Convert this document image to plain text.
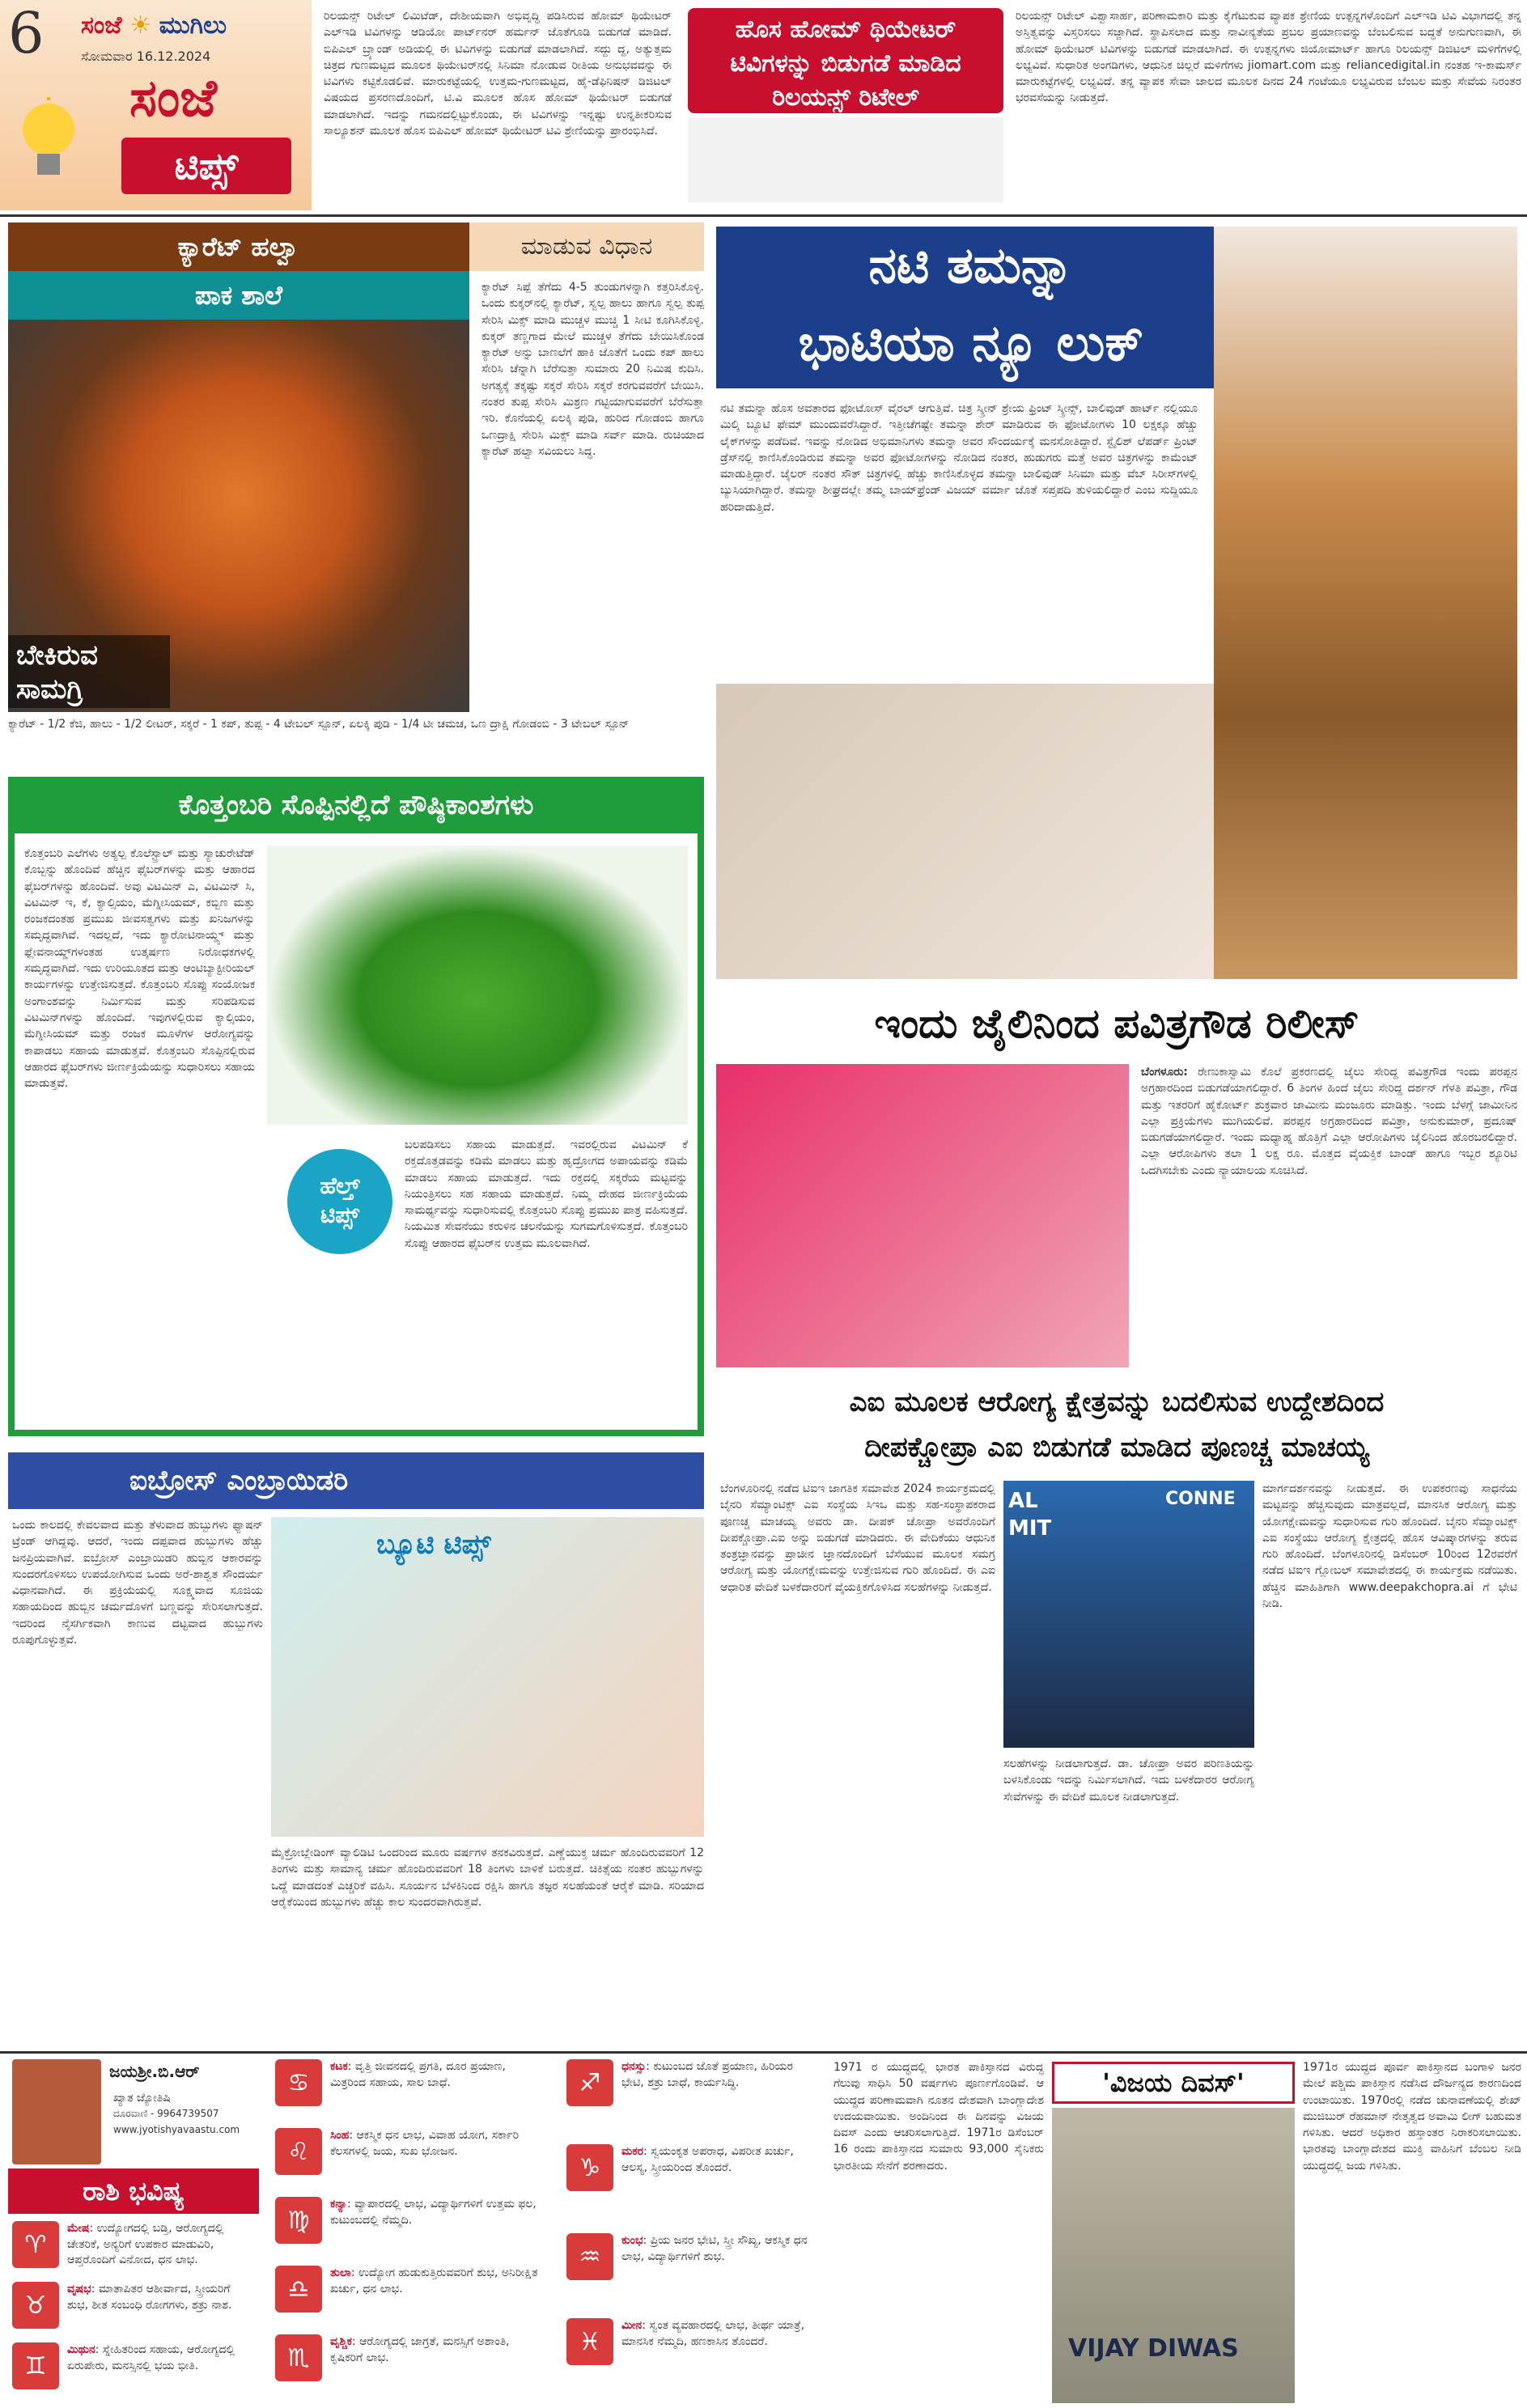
6 ಸಂಜೆ ☀ ಮುಗಿಲು
ಸೋಮವಾರ 16.12.2024
ಸಂಜೆ
ಟಿಪ್ಸ್
ರಿಲಯನ್ಸ್ ರಿಟೇಲ್ ಲಿಮಿಟೆಡ್, ದೇಶೀಯವಾಗಿ ಅಭಿವೃದ್ಧಿ ಪಡಿಸಿರುವ ಹೋಮ್ ಥಿಯೇಟರ್ ಎಲ್‌ಇಡಿ ಟಿವಿಗಳನ್ನು ಆಡಿಯೋ ಪಾರ್ಟ್‌ನರ್ ಹರ್ಮನ್ ಜೊತೆಗೂಡಿ ಬಿಡುಗಡೆ ಮಾಡಿದೆ. ಬಿಪಿಎಲ್ ಬ್ರ್ಯಾಂಡ್ ಅಡಿಯಲ್ಲಿ ಈ ಟಿವಿಗಳನ್ನು ಬಿಡುಗಡೆ ಮಾಡಲಾಗಿದೆ. ಸದ್ದು ದ್ದ, ಅತ್ಯುತ್ತಮ ಚಿತ್ರದ ಗುಣಮಟ್ಟದ ಮೂಲಕ ಥಿಯೇಟರ್‌ನಲ್ಲಿ ಸಿನಿಮಾ ನೋಡುವ ರೀತಿಯ ಅನುಭವವನ್ನು ಈ ಟಿವಿಗಳು ಕಟ್ಟಿಕೊಡಲಿವೆ. ಮಾರುಕಟ್ಟೆಯಲ್ಲಿ ಉತ್ತಮ-ಗುಣಮಟ್ಟದ, ಹೈ-ಡೆಫಿನಿಷನ್ ಡಿಜಿಟಲ್ ವಿಷಯದ ಪ್ರಸರಣದೊಂದಿಗೆ, ಟಿ.ವಿ ಮೂಲಕ ಹೊಸ ಹೋಮ್ ಥಿಯೇಟರ್ ಬಿಡುಗಡೆ ಮಾಡಲಾಗಿದೆ. ಇದನ್ನು ಗಮನದಲ್ಲಿಟ್ಟುಕೊಂಡು, ಈ ಟಿವಿಗಳನ್ನು ಇನ್ನಷ್ಟು ಉನ್ನತೀಕರಿಸುವ ಸಾಲ್ಯೂಶನ್ ಮೂಲಕ ಹೊಸ ಬಿಪಿಎಲ್ ಹೋಮ್ ಥಿಯೇಟರ್ ಟಿವಿ ಶ್ರೇಣಿಯನ್ನು ಪ್ರಾರಂಭಿಸಿದೆ.
ಹೊಸ ಹೋಮ್ ಥಿಯೇಟರ್ ಟಿವಿಗಳನ್ನು ಬಿಡುಗಡೆ ಮಾಡಿದ ರಿಲಯನ್ಸ್ ರಿಟೇಲ್
ರಿಲಯನ್ಸ್ ರಿಟೇಲ್ ವಿಶ್ವಾಸಾರ್ಹ, ಪರಿಣಾಮಕಾರಿ ಮತ್ತು ಕೈಗೆಟುಕುವ ವ್ಯಾಪಕ ಶ್ರೇಣಿಯ ಉತ್ಪನ್ನಗಳೊಂದಿಗೆ ಎಲ್‌ಇಡಿ ಟಿವಿ ವಿಭಾಗದಲ್ಲಿ ತನ್ನ ಅಸ್ತಿತ್ವವನ್ನು ವಿಸ್ತರಿಸಲು ಸಜ್ಜಾಗಿದೆ. ಸ್ಥಾಪಿಸಲಾದ ಮತ್ತು ನಾವೀನ್ಯತೆಯ ಪ್ರಬಲ ಪ್ರಯಾಣವನ್ನು ಬೆಂಬಲಿಸುವ ಬದ್ಧತೆ ಅನುಗುಣವಾಗಿ, ಈ ಹೋಮ್ ಥಿಯೇಟರ್ ಟಿವಿಗಳನ್ನು ಬಿಡುಗಡೆ ಮಾಡಲಾಗಿದೆ. ಈ ಉತ್ಪನ್ನಗಳು ಜಿಯೋಮಾರ್ಟ್ ಹಾಗೂ ರಿಲಯನ್ಸ್ ಡಿಜಿಟಲ್ ಮಳಿಗೆಗಳಲ್ಲಿ ಲಭ್ಯವಿವೆ. ಸುಧಾರಿತ ಅಂಗಡಿಗಳು, ಆಧುನಿಕ ಚಿಲ್ಲರೆ ಮಳಿಗೆಗಳು jiomart.com ಮತ್ತು reliancedigital.in ನಂತಹ ಇ-ಕಾಮರ್ಸ್ ಮಾರುಕಟ್ಟೆಗಳಲ್ಲಿ ಲಭ್ಯವಿದೆ. ತನ್ನ ವ್ಯಾಪಕ ಸೇವಾ ಜಾಲದ ಮೂಲಕ ದಿನದ 24 ಗಂಟೆಯೂ ಲಭ್ಯವಿರುವ ಬೆಂಬಲ ಮತ್ತು ಸೇವೆಯ ನಿರಂತರ ಭರವಸೆಯನ್ನು ನೀಡುತ್ತದೆ.
ಕ್ಯಾರೆಟ್ ಹಲ್ವಾ	ಮಾಡುವ ವಿಧಾನ
ಪಾಕ ಶಾಲೆ
ಬೇಕಿರುವ
ಸಾಮಗ್ರಿ
ಕ್ಯಾರೆಟ್ ಸಿಪ್ಪೆ ತೆಗೆದು 4-5 ತುಂಡುಗಳನ್ನಾಗಿ ಕತ್ತರಿಸಿಕೊಳ್ಳಿ. ಒಂದು ಕುಕ್ಕರ್‌ನಲ್ಲಿ ಕ್ಯಾರೆಟ್, ಸ್ವಲ್ಪ ಹಾಲು ಹಾಗೂ ಸ್ವಲ್ಪ ತುಪ್ಪ ಸೇರಿಸಿ ಮಿಕ್ಸ್ ಮಾಡಿ ಮುಚ್ಚಳ ಮುಚ್ಚಿ 1 ಸೀಟಿ ಕೂಗಿಸಿಕೊಳ್ಳಿ. ಕುಕ್ಕರ್ ತಣ್ಣಗಾದ ಮೇಲೆ ಮುಚ್ಚಳ ತೆಗೆದು ಬೇಯಿಸಿಕೊಂಡ ಕ್ಯಾರೆಟ್ ಅನ್ನು ಬಾಣಲೆಗೆ ಹಾಕಿ ಜೊತೆಗೆ ಒಂದು ಕಪ್ ಹಾಲು ಸೇರಿಸಿ ಚೆನ್ನಾಗಿ ಬೆರೆಸುತ್ತಾ ಸುಮಾರು 20 ನಿಮಿಷ ಕುದಿಸಿ. ಅಗತ್ಯಕ್ಕೆ ತಕ್ಕಷ್ಟು ಸಕ್ಕರೆ ಸೇರಿಸಿ ಸಕ್ಕರೆ ಕರಗುವವರೆಗೆ ಬೇಯಿಸಿ. ನಂತರ ತುಪ್ಪ ಸೇರಿಸಿ ಮಿಶ್ರಣ ಗಟ್ಟಿಯಾಗುವವರೆಗೆ ಬೆರೆಸುತ್ತಾ ಇರಿ. ಕೊನೆಯಲ್ಲಿ ಏಲಕ್ಕಿ ಪುಡಿ, ಹುರಿದ ಗೋಡಂಬಿ ಹಾಗೂ ಒಣದ್ರಾಕ್ಷಿ ಸೇರಿಸಿ ಮಿಕ್ಸ್ ಮಾಡಿ ಸರ್ವ್ ಮಾಡಿ. ರುಚಿಯಾದ ಕ್ಯಾರೆಟ್ ಹಲ್ವಾ ಸವಿಯಲು ಸಿದ್ಧ.
ಕ್ಯಾರೆಟ್ - 1/2 ಕೆಜಿ, ಹಾಲು - 1/2 ಲೀಟರ್, ಸಕ್ಕರೆ - 1 ಕಪ್, ತುಪ್ಪ - 4 ಟೇಬಲ್ ಸ್ಪೂನ್, ಏಲಕ್ಕಿ ಪುಡಿ - 1/4 ಟೀ ಚಮಚ, ಒಣ ದ್ರಾಕ್ಷಿ ಗೋಡಂಬಿ - 3 ಟೇಬಲ್ ಸ್ಪೂನ್
ಕೊತ್ತಂಬರಿ ಸೊಪ್ಪಿನಲ್ಲಿದೆ ಪೌಷ್ಠಿಕಾಂಶಗಳು
ಕೊತ್ತಂಬರಿ ಎಲೆಗಳು ಅತ್ಯಲ್ಪ ಕೊಲೆಸ್ಟ್ರಾಲ್ ಮತ್ತು ಸ್ಯಾಚುರೇಟೆಡ್ ಕೊಬ್ಬನ್ನು ಹೊಂದಿವೆ ಹೆಚ್ಚಿನ ಫೈಬರ್‌ಗಳನ್ನು ಮತ್ತು ಆಹಾರದ ಫೈಬರ್‌ಗಳನ್ನು ಹೊಂದಿವೆ. ಅವು ವಿಟಮಿನ್ ಎ, ವಿಟಮಿನ್ ಸಿ, ವಿಟಮಿನ್ ಇ, ಕೆ, ಕ್ಯಾಲ್ಸಿಯಂ, ಮೆಗ್ನೀಸಿಯಮ್, ಕಬ್ಬಿಣ ಮತ್ತು ರಂಜಕದಂತಹ ಪ್ರಮುಖ ಜೀವಸತ್ವಗಳು ಮತ್ತು ಖನಿಜಗಳನ್ನು ಸಮೃದ್ಧವಾಗಿವೆ. ಇದಲ್ಲದೆ, ಇದು ಕ್ಯಾರೋಟಿನಾಯ್ಡ್ಸ್ ಮತ್ತು ಫ್ಲೇವನಾಯ್ಡ್‌ಗಳಂತಹ ಉತ್ಕರ್ಷಣ ನಿರೋಧಕಗಳಲ್ಲಿ ಸಮೃದ್ಧವಾಗಿದೆ. ಇದು ಉರಿಯೂತದ ಮತ್ತು ಆಂಟಿಬ್ಯಾಕ್ಟೀರಿಯಲ್ ಕಾರ್ಯಗಳನ್ನು ಉತ್ತೇಜಿಸುತ್ತದೆ. ಕೊತ್ತಂಬರಿ ಸೊಪ್ಪು ಸಂಯೋಜಕ ಅಂಗಾಂಶವನ್ನು ನಿರ್ಮಿಸುವ ಮತ್ತು ಸರಿಪಡಿಸುವ ವಿಟಮಿನ್‌ಗಳನ್ನು ಹೊಂದಿದೆ. ಇವುಗಳಲ್ಲಿರುವ ಕ್ಯಾಲ್ಸಿಯಂ, ಮೆಗ್ನೀಸಿಯಮ್ ಮತ್ತು ರಂಜಕ ಮೂಳೆಗಳ ಆರೋಗ್ಯವನ್ನು ಕಾಪಾಡಲು ಸಹಾಯ ಮಾಡುತ್ತವೆ. ಕೊತ್ತಂಬರಿ ಸೊಪ್ಪಿನಲ್ಲಿರುವ ಆಹಾರದ ಫೈಬರ್‌ಗಳು ಜೀರ್ಣಕ್ರಿಯೆಯನ್ನು ಸುಧಾರಿಸಲು ಸಹಾಯ ಮಾಡುತ್ತವೆ.
ಹೆಲ್ತ್
ಟಿಪ್ಸ್
ಬಲಪಡಿಸಲು ಸಹಾಯ ಮಾಡುತ್ತದೆ. ಇವರಲ್ಲಿರುವ ವಿಟಮಿನ್ ಕೆ ರಕ್ತದೊತ್ತಡವನ್ನು ಕಡಿಮೆ ಮಾಡಲು ಮತ್ತು ಹೃದ್ರೋಗದ ಅಪಾಯವನ್ನು ಕಡಿಮೆ ಮಾಡಲು ಸಹಾಯ ಮಾಡುತ್ತದೆ. ಇದು ರಕ್ತದಲ್ಲಿ ಸಕ್ಕರೆಯ ಮಟ್ಟವನ್ನು ನಿಯಂತ್ರಿಸಲು ಸಹ ಸಹಾಯ ಮಾಡುತ್ತದೆ. ನಿಮ್ಮ ದೇಹದ ಜೀರ್ಣಕ್ರಿಯೆಯ ಸಾಮರ್ಥ್ಯವನ್ನು ಸುಧಾರಿಸುವಲ್ಲಿ ಕೊತ್ತಂಬರಿ ಸೊಪ್ಪು ಪ್ರಮುಖ ಪಾತ್ರ ವಹಿಸುತ್ತದೆ. ನಿಯಮಿತ ಸೇವನೆಯು ಕರುಳಿನ ಚಲನೆಯನ್ನು ಸುಗಮಗೊಳಿಸುತ್ತದೆ. ಕೊತ್ತಂಬರಿ ಸೊಪ್ಪು ಆಹಾರದ ಫೈಬರ್‌ನ ಉತ್ತಮ ಮೂಲವಾಗಿದೆ.
ಐಬ್ರೋಸ್ ಎಂಬ್ರಾಯಿಡರಿ
ಒಂದು ಕಾಲದಲ್ಲಿ ಕೇವಲವಾದ ಮತ್ತು ತೆಳುವಾದ ಹುಬ್ಬುಗಳು ಫ್ಯಾಷನ್ ಟ್ರೆಂಡ್ ಆಗಿದ್ದವು. ಆದರೆ, ಇಂದು ದಪ್ಪವಾದ ಹುಬ್ಬುಗಳು ಹೆಚ್ಚು ಜನಪ್ರಿಯವಾಗಿವೆ. ಐಬ್ರೋಸ್ ಎಂಬ್ರಾಯಿಡರಿ ಹುಬ್ಬಿನ ಆಕಾರವನ್ನು ಸುಂದರಗೊಳಿಸಲು ಉಪಯೋಗಿಸುವ ಒಂದು ಅರೆ-ಶಾಶ್ವತ ಸೌಂದರ್ಯ ವಿಧಾನವಾಗಿದೆ. ಈ ಪ್ರಕ್ರಿಯೆಯಲ್ಲಿ ಸೂಕ್ಷ್ಮವಾದ ಸೂಜಿಯ ಸಹಾಯದಿಂದ ಹುಬ್ಬಿನ ಚರ್ಮದೊಳಗೆ ಬಣ್ಣವನ್ನು ಸೇರಿಸಲಾಗುತ್ತದೆ. ಇದರಿಂದ ನೈಸರ್ಗಿಕವಾಗಿ ಕಾಣುವ ದಟ್ಟವಾದ ಹುಬ್ಬುಗಳು ರೂಪುಗೊಳ್ಳುತ್ತವೆ.
ಬ್ಯೂಟಿ ಟಿಪ್ಸ್
ಮೈಕ್ರೋಬ್ಲೇಡಿಂಗ್ ವ್ಯಾಲಿಡಿಟಿ ಒಂದರಿಂದ ಮೂರು ವರ್ಷಗಳ ತನಕವಿರುತ್ತದೆ. ಎಣ್ಣೆಯುಕ್ತ ಚರ್ಮ ಹೊಂದಿರುವವರಿಗೆ 12 ತಿಂಗಳು ಮತ್ತು ಸಾಮಾನ್ಯ ಚರ್ಮ ಹೊಂದಿರುವವರಿಗೆ 18 ತಿಂಗಳು ಬಾಳಿಕೆ ಬರುತ್ತದೆ. ಚಿಕಿತ್ಸೆಯ ನಂತರ ಹುಬ್ಬುಗಳನ್ನು ಒದ್ದೆ ಮಾಡದಂತೆ ಎಚ್ಚರಿಕೆ ವಹಿಸಿ. ಸೂರ್ಯನ ಬೆಳಕಿನಿಂದ ರಕ್ಷಿಸಿ ಹಾಗೂ ತಜ್ಞರ ಸಲಹೆಯಂತೆ ಆರೈಕೆ ಮಾಡಿ. ಸರಿಯಾದ ಆರೈಕೆಯಿಂದ ಹುಬ್ಬುಗಳು ಹೆಚ್ಚು ಕಾಲ ಸುಂದರವಾಗಿರುತ್ತವೆ.
ನಟಿ ತಮನ್ನಾ
ಭಾಟಿಯಾ ನ್ಯೂ ಲುಕ್
ನಟಿ ತಮನ್ನಾ ಹೊಸ ಅವತಾರದ ಫೋಟೋಸ್ ವೈರಲ್ ಆಗುತ್ತಿವೆ. ಚಿತ್ರ ಸ್ಕ್ರೀನ್ ಶ್ರೇಯ ಫ್ರಿಂಟ್ ಸ್ಕ್ರೀನ್ಸ್, ಬಾಲಿವುಡ್ ಹಾರ್ಟ್ ನಲ್ಲಿಯೂ ಮಿಲ್ಕಿ ಬ್ಯೂಟಿ ಫೇಮ್ ಮುಂದುವರೆಸಿದ್ದಾರೆ. ಇತ್ತೀಚೆಗಷ್ಟೇ ತಮನ್ನಾ ಶೇರ್ ಮಾಡಿರುವ ಈ ಫೋಟೋಗಳು 10 ಲಕ್ಷಕ್ಕೂ ಹೆಚ್ಚು ಲೈಕ್‌ಗಳನ್ನು ಪಡೆದಿವೆ. ಇವನ್ನು ನೋಡಿದ ಅಭಿಮಾನಿಗಳು ತಮನ್ನಾ ಅವರ ಸೌಂದರ್ಯಕ್ಕೆ ಮನಸೋತಿದ್ದಾರೆ. ಸ್ಟೈಲಿಶ್ ಲೆಪರ್ಡ್ ಪ್ರಿಂಟ್ ಡ್ರೆಸ್‌ನಲ್ಲಿ ಕಾಣಿಸಿಕೊಂಡಿರುವ ತಮನ್ನಾ ಅವರ ಫೋಟೋಗಳನ್ನು ನೋಡಿದ ನಂತರ, ಹುಡುಗರು ಮತ್ತೆ ಅವರ ಚಿತ್ರಗಳನ್ನು ಕಾಮೆಂಟ್ ಮಾಡುತ್ತಿದ್ದಾರೆ. ಜೈಲರ್ ನಂತರ ಸೌತ್ ಚಿತ್ರಗಳಲ್ಲಿ ಹೆಚ್ಚು ಕಾಣಿಸಿಕೊಳ್ಳದ ತಮನ್ನಾ ಬಾಲಿವುಡ್ ಸಿನಿಮಾ ಮತ್ತು ವೆಬ್ ಸಿರೀಸ್‌ಗಳಲ್ಲಿ ಬ್ಯುಸಿಯಾಗಿದ್ದಾರೆ. ತಮನ್ನಾ ಶೀಘ್ರದಲ್ಲೇ ತಮ್ಮ ಬಾಯ್‌ಫ್ರೆಂಡ್ ವಿಜಯ್ ವರ್ಮಾ ಜೊತೆ ಸಪ್ತಪದಿ ತುಳಿಯಲಿದ್ದಾರೆ ಎಂಬ ಸುದ್ದಿಯೂ ಹರಿದಾಡುತ್ತಿದೆ.
ಇಂದು ಜೈಲಿನಿಂದ ಪವಿತ್ರಗೌಡ ರಿಲೀಸ್
ಬೆಂಗಳೂರು: ರೇಣುಕಾಸ್ವಾಮಿ ಕೊಲೆ ಪ್ರಕರಣದಲ್ಲಿ ಜೈಲು ಸೇರಿದ್ದ ಪವಿತ್ರಗೌಡ ಇಂದು ಪರಪ್ಪನ ಅಗ್ರಹಾರದಿಂದ ಬಿಡುಗಡೆಯಾಗಲಿದ್ದಾರೆ. 6 ತಿಂಗಳ ಹಿಂದೆ ಜೈಲು ಸೇರಿದ್ದ ದರ್ಶನ್ ಗೆಳತಿ ಪವಿತ್ರಾ, ಗೌಡ ಮತ್ತು ಇತರರಿಗೆ ಹೈಕೋರ್ಟ್ ಶುಕ್ರವಾರ ಜಾಮೀನು ಮಂಜೂರು ಮಾಡಿತ್ತು. ಇಂದು ಬೆಳಗ್ಗೆ ಜಾಮೀನಿನ ಎಲ್ಲಾ ಪ್ರಕ್ರಿಯೆಗಳು ಮುಗಿಯಲಿವೆ. ಪರಪ್ಪನ ಅಗ್ರಹಾರದಿಂದ ಪವಿತ್ರಾ, ಅನುಕುಮಾರ್, ಪ್ರದೂಷ್ ಬಿಡುಗಡೆಯಾಗಲಿದ್ದಾರೆ. ಇಂದು ಮಧ್ಯಾಹ್ನ ಹೊತ್ತಿಗೆ ಎಲ್ಲಾ ಆರೋಪಿಗಳು ಜೈಲಿನಿಂದ ಹೊರಬರಲಿದ್ದಾರೆ. ಎಲ್ಲಾ ಆರೋಪಿಗಳು ತಲಾ 1 ಲಕ್ಷ ರೂ. ಮೊತ್ತದ ವೈಯಕ್ತಿಕ ಬಾಂಡ್ ಹಾಗೂ ಇಬ್ಬರ ಶ್ಯೂರಿಟಿ ಒದಗಿಸಬೇಕು ಎಂದು ನ್ಯಾಯಾಲಯ ಸೂಚಿಸಿದೆ.
ಎಐ ಮೂಲಕ ಆರೋಗ್ಯ ಕ್ಷೇತ್ರವನ್ನು ಬದಲಿಸುವ ಉದ್ದೇಶದಿಂದ
ದೀಪಕ್ಚೋಪ್ರಾ ಎಐ ಬಿಡುಗಡೆ ಮಾಡಿದ ಪೂಣಚ್ಚ ಮಾಚಯ್ಯ
ಬೆಂಗಳೂರಿನಲ್ಲಿ ನಡೆದ ಟಿಐಇ ಜಾಗತಿಕ ಸಮಾವೇಶ 2024 ಕಾರ್ಯಕ್ರಮದಲ್ಲಿ ಬೈನರಿ ಸೆಮ್ಯಾಂಟಿಕ್ಸ್ ಎಐ ಸಂಸ್ಥೆಯ ಸಿಇಒ ಮತ್ತು ಸಹ-ಸಂಸ್ಥಾಪಕರಾದ ಪೂಣಚ್ಚ ಮಾಚಯ್ಯ ಅವರು ಡಾ. ದೀಪಕ್ ಚೋಪ್ರಾ ಅವರೊಂದಿಗೆ ದೀಪಕ್ಚೋಪ್ರಾ.ಎಐ ಅನ್ನು ಬಿಡುಗಡೆ ಮಾಡಿದರು. ಈ ವೇದಿಕೆಯು ಆಧುನಿಕ ತಂತ್ರಜ್ಞಾನವನ್ನು ಪ್ರಾಚೀನ ಜ್ಞಾನದೊಂದಿಗೆ ಬೆಸೆಯುವ ಮೂಲಕ ಸಮಗ್ರ ಆರೋಗ್ಯ ಮತ್ತು ಯೋಗಕ್ಷೇಮವನ್ನು ಉತ್ತೇಜಿಸುವ ಗುರಿ ಹೊಂದಿದೆ. ಈ ಎಐ ಆಧಾರಿತ ವೇದಿಕೆ ಬಳಕೆದಾರರಿಗೆ ವೈಯಕ್ತಿಕಗೊಳಿಸಿದ ಸಲಹೆಗಳನ್ನು ನೀಡುತ್ತದೆ.
AL
MIT
CONNE
ಸಲಹೆಗಳನ್ನು ನೀಡಲಾಗುತ್ತದೆ. ಡಾ. ಚೋಪ್ರಾ ಅವರ ಪರಿಣತಿಯನ್ನು ಬಳಸಿಕೊಂಡು ಇದನ್ನು ನಿರ್ಮಿಸಲಾಗಿದೆ. ಇದು ಬಳಕೆದಾರರ ಆರೋಗ್ಯ ಸೇವೆಗಳನ್ನು ಈ ವೇದಿಕೆ ಮೂಲಕ ನೀಡಲಾಗುತ್ತದೆ.
ಮಾರ್ಗದರ್ಶನವನ್ನು ನೀಡುತ್ತದೆ. ಈ ಉಪಕರಣವು ಸಾಧನೆಯ ಮಟ್ಟವನ್ನು ಹೆಚ್ಚಿಸುವುದು ಮಾತ್ರವಲ್ಲದೆ, ಮಾನಸಿಕ ಆರೋಗ್ಯ ಮತ್ತು ಯೋಗಕ್ಷೇಮವನ್ನು ಸುಧಾರಿಸುವ ಗುರಿ ಹೊಂದಿದೆ. ಬೈನರಿ ಸೆಮ್ಯಾಂಟಿಕ್ಸ್ ಎಐ ಸಂಸ್ಥೆಯು ಆರೋಗ್ಯ ಕ್ಷೇತ್ರದಲ್ಲಿ ಹೊಸ ಆವಿಷ್ಕಾರಗಳನ್ನು ತರುವ ಗುರಿ ಹೊಂದಿದೆ. ಬೆಂಗಳೂರಿನಲ್ಲಿ ಡಿಸೆಂಬರ್ 10ರಿಂದ 12ರವರೆಗೆ ನಡೆದ ಟಿಐಇ ಗ್ಲೋಬಲ್ ಸಮಾವೇಶದಲ್ಲಿ ಈ ಕಾರ್ಯಕ್ರಮ ನಡೆಯಿತು. ಹೆಚ್ಚಿನ ಮಾಹಿತಿಗಾಗಿ www.deepakchopra.ai ಗೆ ಭೇಟಿ ನೀಡಿ.
ಜಯಶ್ರೀ.ಬಿ.ಆರ್
ಖ್ಯಾತ ಜ್ಯೋತಿಷಿ
ದೂರವಾಣಿ - 9964739507
www.jyotishyavaastu.com
ರಾಶಿ ಭವಿಷ್ಯ
♈
ಮೇಷ: ಉದ್ಯೋಗದಲ್ಲಿ ಬಡ್ತಿ, ಆರೋಗ್ಯದಲ್ಲಿ ಚೇತರಿಕೆ, ಅನ್ಯರಿಗೆ ಉಪಕಾರ ಮಾಡುವಿರಿ, ಆಪ್ತರೊಂದಿಗೆ ವಿನೋದ, ಧನ ಲಾಭ.
♉
ವೃಷಭ: ಮಾತಾಪಿತರ ಆಶೀರ್ವಾದ, ಸ್ತ್ರೀಯರಿಗೆ ಶುಭ, ಶೀತ ಸಂಬಂಧಿ ರೋಗಗಳು, ಶತ್ರು ನಾಶ.
♊
ಮಿಥುನ: ಸ್ನೇಹಿತರಿಂದ ಸಹಾಯ, ಆರೋಗ್ಯದಲ್ಲಿ ಏರುಪೇರು, ಮನಸ್ಸಿನಲ್ಲಿ ಭಯ ಭೀತಿ.
♋
ಕಟಕ: ವೃತ್ತಿ ಜೀವನದಲ್ಲಿ ಪ್ರಗತಿ, ದೂರ ಪ್ರಯಾಣ, ಮಿತ್ರರಿಂದ ಸಹಾಯ, ಸಾಲ ಬಾಧೆ.
♌
ಸಿಂಹ: ಆಕಸ್ಮಿಕ ಧನ ಲಾಭ, ವಿವಾಹ ಯೋಗ, ಸರ್ಕಾರಿ ಕೆಲಸಗಳಲ್ಲಿ ಜಯ, ಸುಖ ಭೋಜನ.
♍
ಕನ್ಯಾ: ವ್ಯಾಪಾರದಲ್ಲಿ ಲಾಭ, ವಿದ್ಯಾರ್ಥಿಗಳಿಗೆ ಉತ್ತಮ ಫಲ, ಕುಟುಂಬದಲ್ಲಿ ನೆಮ್ಮದಿ.
♎
ತುಲಾ: ಉದ್ಯೋಗ ಹುಡುಕುತ್ತಿರುವವರಿಗೆ ಶುಭ, ಅನಿರೀಕ್ಷಿತ ಖರ್ಚು, ಧನ ಲಾಭ.
♏
ವೃಶ್ಚಿಕ: ಆರೋಗ್ಯದಲ್ಲಿ ಜಾಗ್ರತೆ, ಮನಸ್ಸಿಗೆ ಅಶಾಂತಿ, ಕೃಷಿಕರಿಗೆ ಲಾಭ.
♐
ಧನಸ್ಸು: ಕುಟುಂಬದ ಜೊತೆ ಪ್ರಯಾಣ, ಹಿರಿಯರ ಭೇಟಿ, ಶತ್ರು ಬಾಧೆ, ಕಾರ್ಯಸಿದ್ಧಿ.
♑
ಮಕರ: ಸ್ವಯಂಕೃತ ಅಪರಾಧ, ವಿಪರೀತ ಖರ್ಚು, ಆಲಸ್ಯ, ಸ್ತ್ರೀಯರಿಂದ ತೊಂದರೆ.
♒
ಕುಂಭ: ಪ್ರಿಯ ಜನರ ಭೇಟಿ, ಸ್ತ್ರೀ ಸೌಖ್ಯ, ಆಕಸ್ಮಿಕ ಧನ ಲಾಭ, ವಿದ್ಯಾರ್ಥಿಗಳಿಗೆ ಶುಭ.
♓
ಮೀನ: ಸ್ವಂತ ವ್ಯವಹಾರದಲ್ಲಿ ಲಾಭ, ತೀರ್ಥ ಯಾತ್ರೆ, ಮಾನಸಿಕ ನೆಮ್ಮದಿ, ಹಣಕಾಸಿನ ತೊಂದರೆ.
1971 ರ ಯುದ್ಧದಲ್ಲಿ ಭಾರತ ಪಾಕಿಸ್ತಾನದ ವಿರುದ್ಧ ಗೆಲುವು ಸಾಧಿಸಿ 50 ವರ್ಷಗಳು ಪೂರ್ಣಗೊಂಡಿವೆ. ಆ ಯುದ್ಧದ ಪರಿಣಾಮವಾಗಿ ನೂತನ ದೇಶವಾಗಿ ಬಾಂಗ್ಲಾದೇಶ ಉದಯವಾಯಿತು. ಅಂದಿನಿಂದ ಈ ದಿನವನ್ನು ವಿಜಯ ದಿವಸ್ ಎಂದು ಆಚರಿಸಲಾಗುತ್ತಿದೆ. 1971ರ ಡಿಸೆಂಬರ್ 16 ರಂದು ಪಾಕಿಸ್ತಾನದ ಸುಮಾರು 93,000 ಸೈನಿಕರು ಭಾರತೀಯ ಸೇನೆಗೆ ಶರಣಾದರು.
'ವಿಜಯ ದಿವಸ್'
VIJAY DIWAS
1971ರ ಯುದ್ಧದ ಪೂರ್ವ ಪಾಕಿಸ್ತಾನದ ಬಂಗಾಳಿ ಜನರ ಮೇಲೆ ಪಶ್ಚಿಮ ಪಾಕಿಸ್ತಾನ ನಡೆಸಿದ ದೌರ್ಜನ್ಯದ ಕಾರಣದಿಂದ ಉಂಟಾಯಿತು. 1970ರಲ್ಲಿ ನಡೆದ ಚುನಾವಣೆಯಲ್ಲಿ ಶೇಖ್ ಮುಜಿಬುರ್ ರೆಹಮಾನ್ ನೇತೃತ್ವದ ಅವಾಮಿ ಲೀಗ್ ಬಹುಮತ ಗಳಿಸಿತು. ಆದರೆ ಅಧಿಕಾರ ಹಸ್ತಾಂತರ ನಿರಾಕರಿಸಲಾಯಿತು. ಭಾರತವು ಬಾಂಗ್ಲಾದೇಶದ ಮುಕ್ತಿ ವಾಹಿನಿಗೆ ಬೆಂಬಲ ನೀಡಿ ಯುದ್ಧದಲ್ಲಿ ಜಯ ಗಳಿಸಿತು.
